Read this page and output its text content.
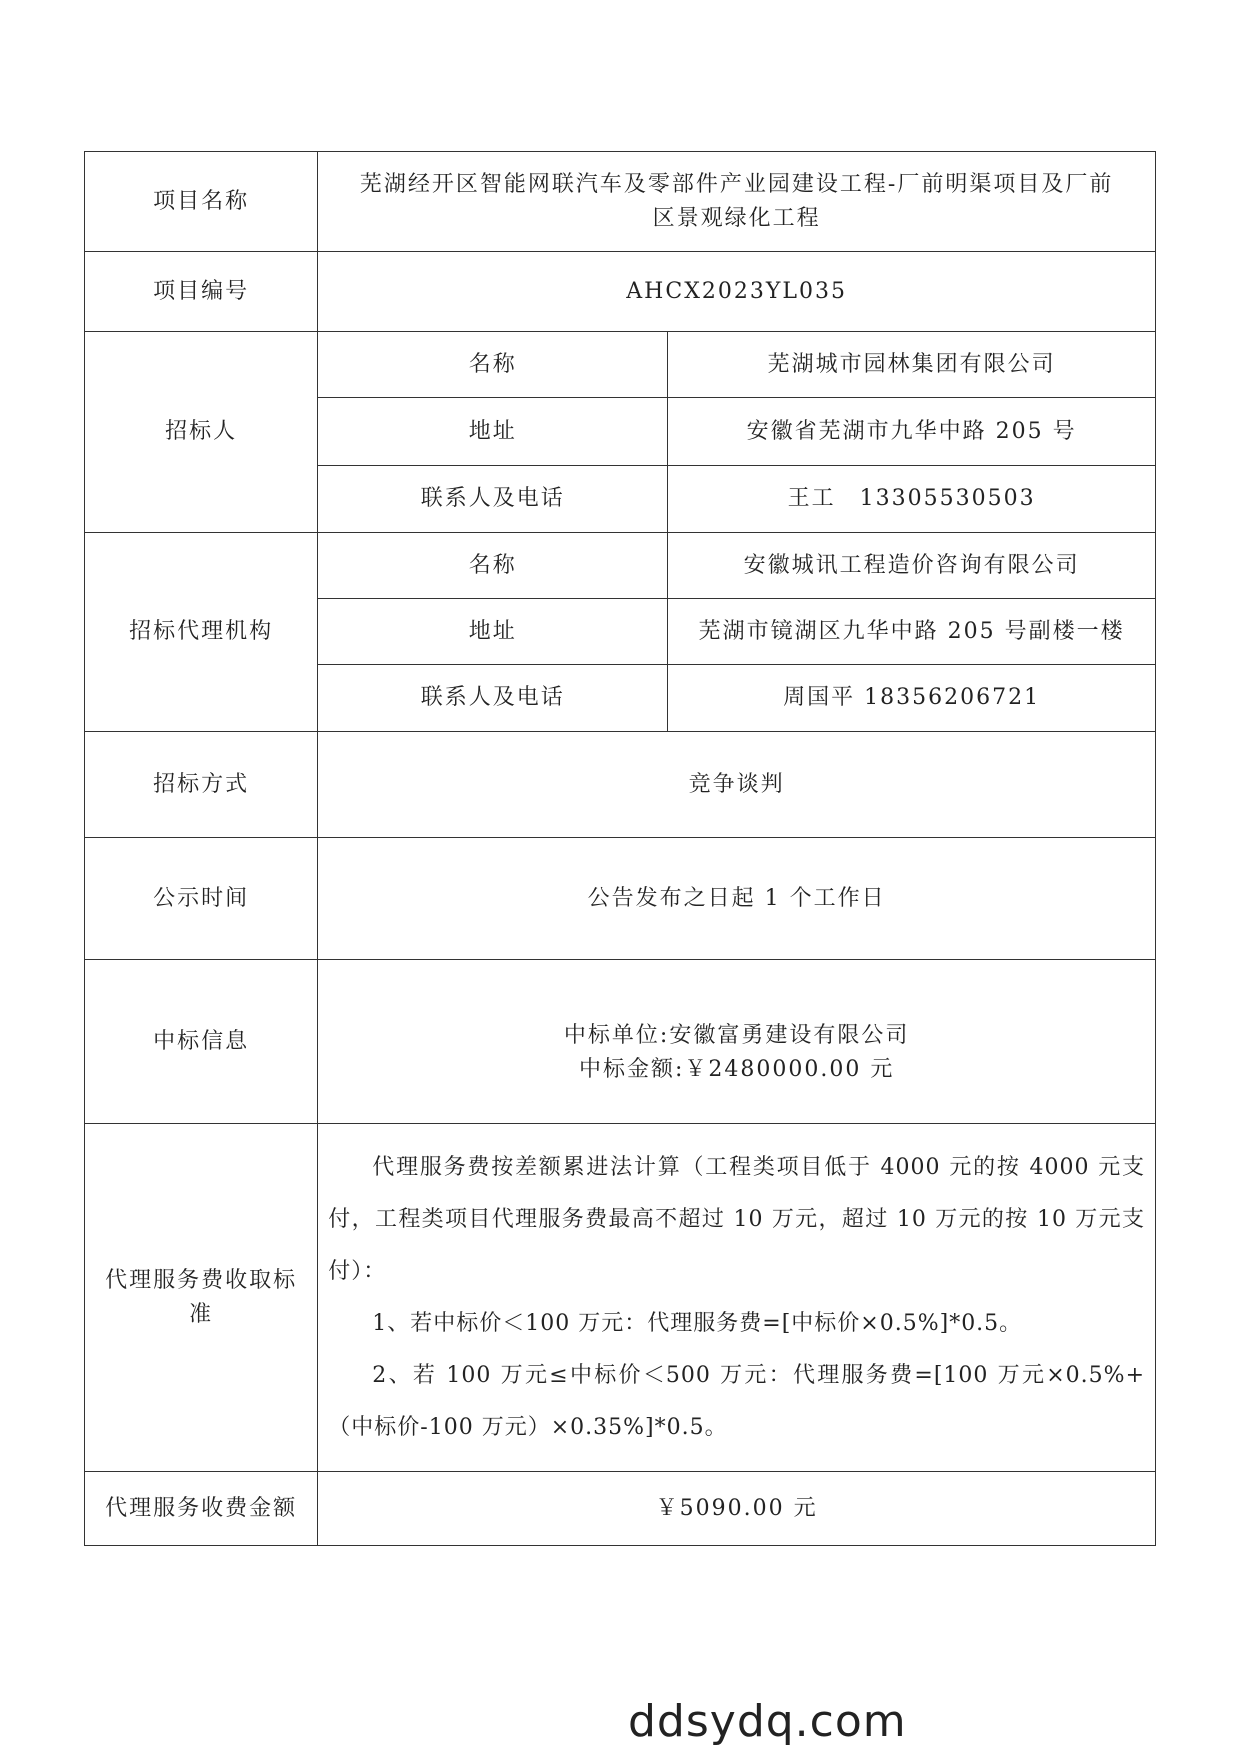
项目名称	芜湖经开区智能网联汽车及零部件产业园建设工程-厂前明渠项目及厂前
区景观绿化工程	
项目编号	AHCX2023YL035	
招标人	名称	芜湖城市园林集团有限公司
	地址	安徽省芜湖市九华中路 205 号
	联系人及电话	王工　13305530503
招标代理机构	名称	安徽城讯工程造价咨询有限公司
	地址	芜湖市镜湖区九华中路 205 号副楼一楼
	联系人及电话	周国平 18356206721
招标方式	竞争谈判	
公示时间	公告发布之日起 1 个工作日	
中标信息	中标单位:安徽富勇建设有限公司
中标金额:￥2480000.00 元	
代理服务费收取标准	代理服务费按差额累进法计算（工程类项目低于 4000 元的按 4000 元支付，工程类项目代理服务费最高不超过 10 万元，超过 10 万元的按 10 万元支付）：

1、若中标价＜100 万元：代理服务费=[中标价×0.5%]*0.5。

2、若 100 万元≤中标价＜500 万元：代理服务费=[100 万元×0.5%+（中标价-100 万元）×0.35%]*0.5。	

代理服务收费金额	￥5090.00 元	
ddsydq.com
